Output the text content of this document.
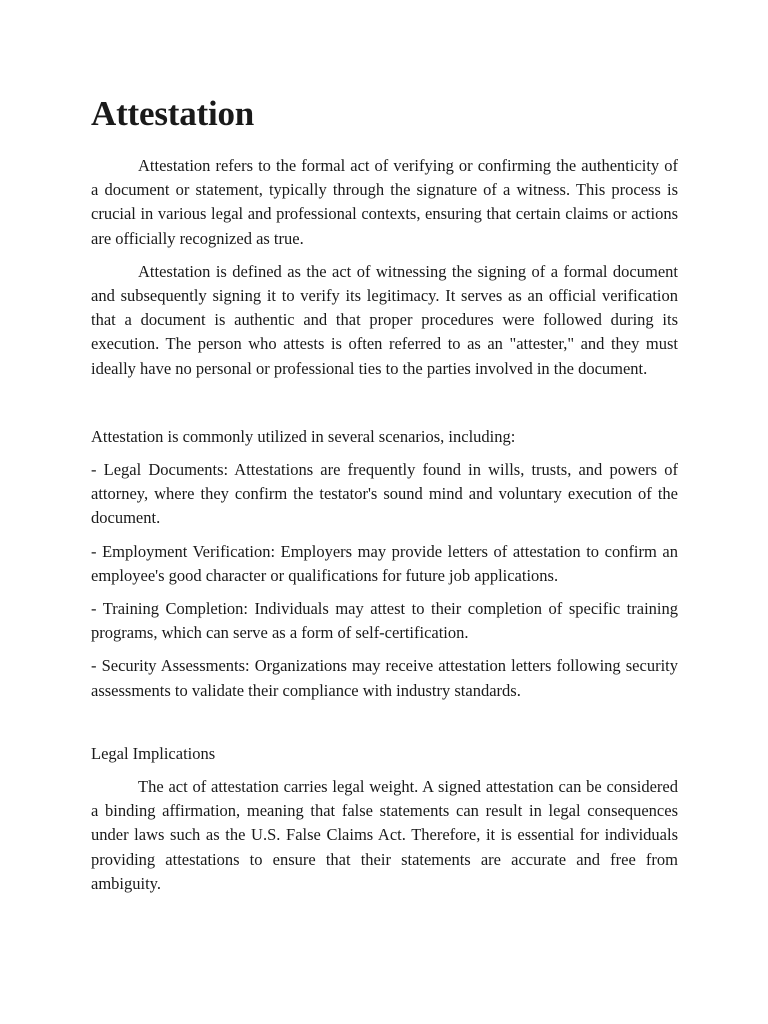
Attestation

Attestation refers to the formal act of verifying or confirming the authenticity of a document or statement, typically through the signature of a witness. This process is crucial in various legal and professional contexts, ensuring that certain claims or actions are officially recognized as true.

Attestation is defined as the act of witnessing the signing of a formal document and subsequently signing it to verify its legitimacy. It serves as an official verification that a document is authentic and that proper procedures were followed during its execution. The person who attests is often referred to as an "attester," and they must ideally have no personal or professional ties to the parties involved in the document.

Attestation is commonly utilized in several scenarios, including:

- Legal Documents: Attestations are frequently found in wills, trusts, and powers of attorney, where they confirm the testator's sound mind and voluntary execution of the document.

- Employment Verification: Employers may provide letters of attestation to confirm an employee's good character or qualifications for future job applications.

- Training Completion: Individuals may attest to their completion of specific training programs, which can serve as a form of self-certification.

- Security Assessments: Organizations may receive attestation letters following security assessments to validate their compliance with industry standards.

Legal Implications

The act of attestation carries legal weight. A signed attestation can be considered a binding affirmation, meaning that false statements can result in legal consequences under laws such as the U.S. False Claims Act. Therefore, it is essential for individuals providing attestations to ensure that their statements are accurate and free from ambiguity.
